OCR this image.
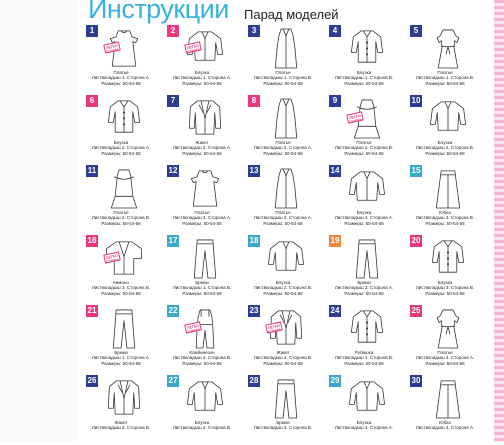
Инструкции Парад моделей
1
ЛЕГКО СШИТЬ
Платье
Листвкладыш 1. Сторона А.
Размеры: 50-54-58
2
ЛЕГКО СШИТЬ
Блузка
Листвкладыш 1. Сторона А.
Размеры: 50-54-58
3
Платье
Листвкладыш 1. Сторона В.
Размеры: 50-54-58
4
Блузка
Листвкладыш 1. Сторона В.
Размеры: 50-54-58
5
Платье
Листвкладыш 1. Сторона В.
Размеры: 50-54-58
6
Блузка
Листвкладыш 2. Сторона А.
Размеры: 50-54-58
7
Жакет
Листвкладыш 2. Сторона А.
Размеры: 50-54-58
8
Платье
Листвкладыш 2. Сторона А.
Размеры: 50-54-58
9
ЛЕГКО СШИТЬ
Платье
Листвкладыш 2. Сторона В.
Размеры: 50-54-58
10
Блузка
Листвкладыш 2. Сторона В.
Размеры: 50-54-58
11
Платье
Листвкладыш 2. Сторона В.
Размеры: 50-54-58
12
Платье
Листвкладыш 3. Сторона А.
Размеры: 50-54-58
13
Платье
Листвкладыш 3. Сторона А.
Размеры: 50-54-58
14
Блузка
Листвкладыш 4. Сторона А.
Размеры: 50-54-58
15
Юбка
Листвкладыш 3. Сторона В.
Размеры: 50-54-58
16
ЛЕГКО СШИТЬ
Кимоно
Листвкладыш 3. Сторона В.
Размеры: 50-54-58
17
Брюки
Листвкладыш 1. Сторона В.
Размеры: 50-54-58
18
Блузка
Листвкладыш 2. Сторона В.
Размеры: 50-54-58
19
Брюки
Листвкладыш 3. Сторона А.
Размеры: 50-54-58
20
Блузка
Листвкладыш 3. Сторона В.
Размеры: 50-54-58
21
Брюки
Листвкладыш 1. Сторона А.
Размеры: 50-54-58
22
ЛЕГКО СШИТЬ
Комбинезон
Листвкладыш 4. Сторона В.
Размеры: 50-54-58
23
ЛЕГКО СШИТЬ
Жакет
Листвкладыш 4. Сторона В.
Размеры: 50-54-58
24
Рубашка
Листвкладыш 1. Сторона В.
Размеры: 50-54-58
25
Платье
Листвкладыш 4. Сторона А.
Размеры: 50-54-58
26
Жакет
Листвкладыш 4. Сторона В.
27
Блузка
Листвкладыш 4. Сторона В.
28
Брюки
Листвкладыш 3. Сторона В.
29
Блузка
Листвкладыш 4. Сторона А.
30
Юбка
Листвкладыш 4. Сторона А.
